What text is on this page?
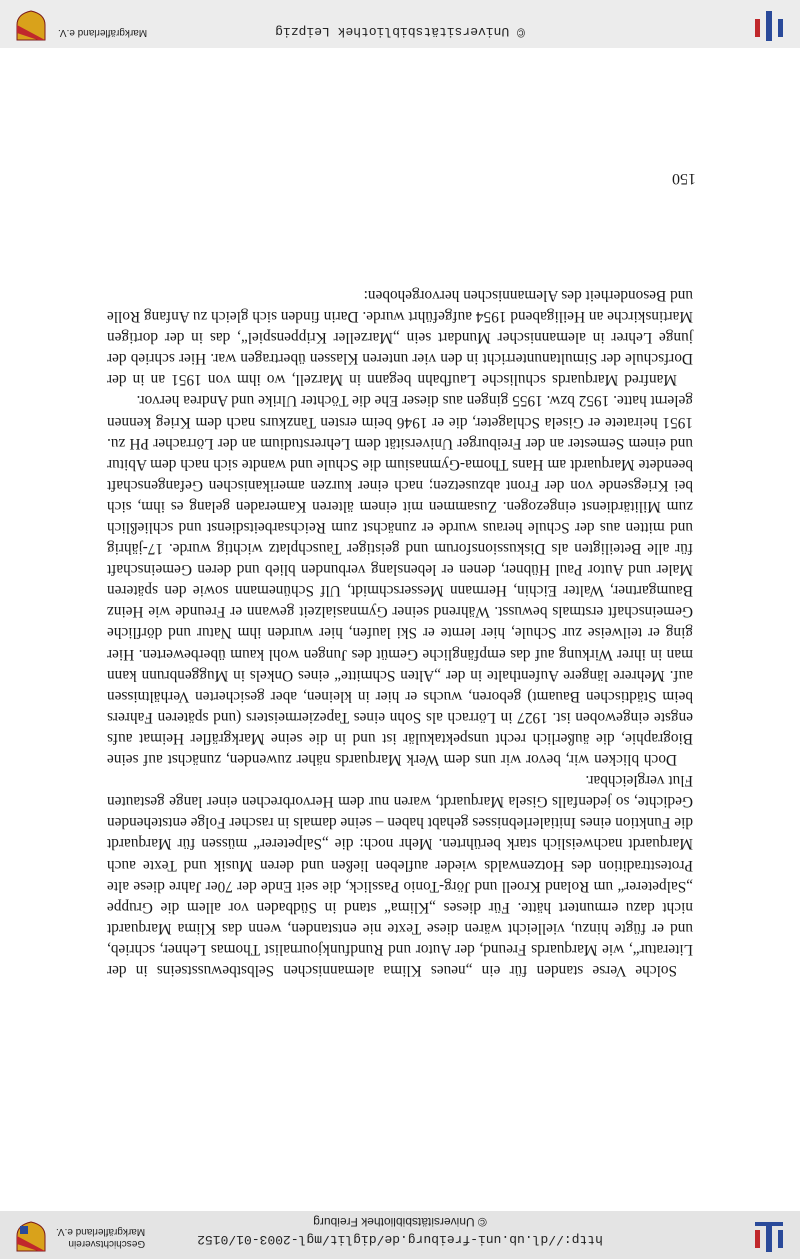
http://dl.ub.uni-freiburg.de/diglit/mgl-2003-01/0152
© Universitätsbibliothek Freiburg
Geschichtsverein
Markgräflerland e.V.

Solche Verse standen für ein „neues Klima alemannischen Selbstbewusstseins in der Literatur“, wie Marquards Freund, der Autor und Rundfunkjournalist Thomas Lehner, schrieb, und er fügte hinzu, vielleicht wären diese Texte nie entstanden, wenn das Klima Marquardt nicht dazu ermuntert hätte. Für dieses „Klima“ stand in Südbaden vor allem die Gruppe „Salpeterer“ um Roland Kroell und Jörg-Tonio Passlick, die seit Ende der 70er Jahre diese alte Protesttradition des Hotzenwalds wieder aufleben ließen und deren Musik und Texte auch Marquardt nachweislich stark berührten. Mehr noch: die „Salpeterer“ müssen für Marquardt die Funktion eines Initialerlebnisses gehabt haben – seine damals in rascher Folge entstehenden Gedichte, so jedenfalls Gisela Marquardt, waren nur dem Hervorbrechen einer lange gestauten Flut vergleichbar.

Doch blicken wir, bevor wir uns dem Werk Marquards näher zuwenden, zunächst auf seine Biographie, die äußerlich recht unspektakulär ist und in die seine Markgräfler Heimat aufs engste eingewoben ist. 1927 in Lörrach als Sohn eines Tapeziermeisters (und späteren Fahrers beim Städtischen Bauamt) geboren, wuchs er hier in kleinen, aber gesicherten Verhältnissen auf. Mehrere längere Aufenthalte in der „Alten Schmitte“ eines Onkels in Muggenbrunn kann man in ihrer Wirkung auf das empfängliche Gemüt des Jungen wohl kaum überbewerten. Hier ging er teilweise zur Schule, hier lernte er Ski laufen, hier wurden ihm Natur und dörfliche Gemeinschaft erstmals bewusst. Während seiner Gymnasialzeit gewann er Freunde wie Heinz Baumgartner, Walter Eichin, Hermann Messerschmidt, Ulf Schünemann sowie den späteren Maler und Autor Paul Hübner, denen er lebenslang verbunden blieb und deren Gemeinschaft für alle Beteiligten als Diskussionsforum und geistiger Tauschplatz wichtig wurde. 17-jährig und mitten aus der Schule heraus wurde er zunächst zum Reichsarbeitsdienst und schließlich zum Militärdienst eingezogen. Zusammen mit einem älteren Kameraden gelang es ihm, sich bei Kriegsende von der Front abzusetzen; nach einer kurzen amerikanischen Gefangenschaft beendete Marquardt am Hans Thoma-Gymnasium die Schule und wandte sich nach dem Abitur und einem Semester an der Freiburger Universität dem Lehrerstudium an der Lörracher PH zu. 1951 heiratete er Gisela Schlageter, die er 1946 beim ersten Tanzkurs nach dem Krieg kennen gelernt hatte. 1952 bzw. 1955 gingen aus dieser Ehe die Töchter Ulrike und Andrea hervor.

Manfred Marquards schulische Laufbahn begann in Marzell, wo ihm von 1951 an in der Dorfschule der Simultanunterricht in den vier unteren Klassen übertragen war. Hier schrieb der junge Lehrer in alemannischer Mundart sein „Marzeller Krippenspiel“, das in der dortigen Martinskirche an Heiligabend 1954 aufgeführt wurde. Darin finden sich gleich zu Anfang Rolle und Besonderheit des Alemannischen hervorgehoben:

150
© Universitätsbibliothek Leipzig
Markgräflerland e.V.
